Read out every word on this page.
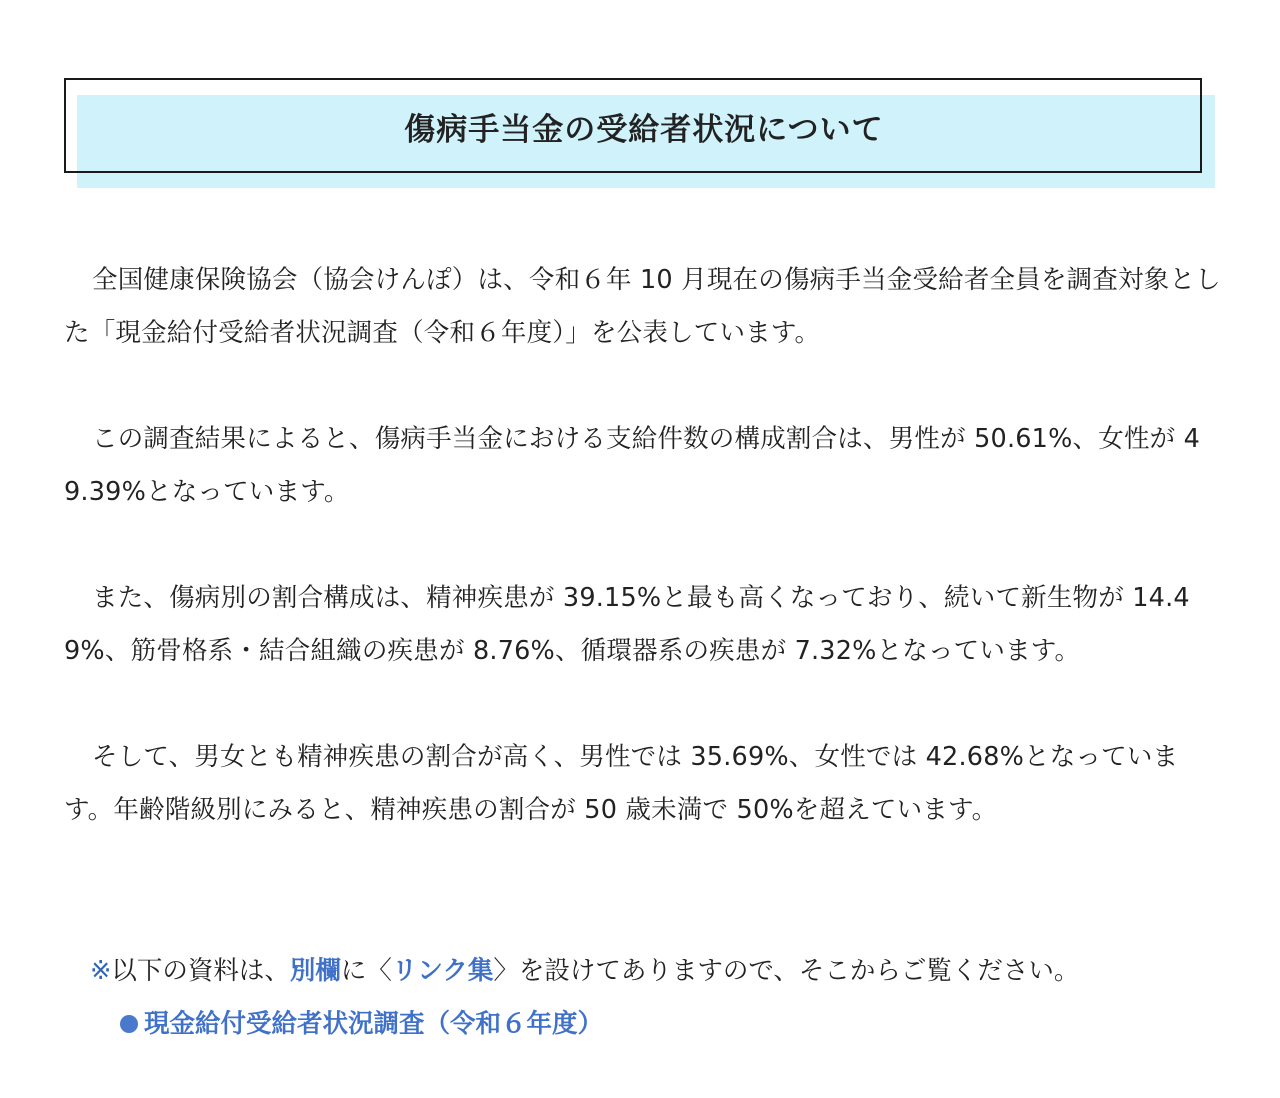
傷病手当金の受給者状況について

全国健康保険協会（協会けんぽ）は、令和６年 10 月現在の傷病手当金受給者全員を調査対象とした「現金給付受給者状況調査（令和６年度）」を公表しています。

この調査結果によると、傷病手当金における支給件数の構成割合は、男性が 50.61%、女性が 49.39%となっています。

また、傷病別の割合構成は、精神疾患が 39.15%と最も高くなっており、続いて新生物が 14.49%、筋骨格系・結合組織の疾患が 8.76%、循環器系の疾患が 7.32%となっています。

そして、男女とも精神疾患の割合が高く、男性では 35.69%、女性では 42.68%となっています。年齢階級別にみると、精神疾患の割合が 50 歳未満で 50%を超えています。

※以下の資料は、別欄に〈リンク集〉を設けてありますので、そこからご覧ください。

現金給付受給者状況調査（令和６年度）
